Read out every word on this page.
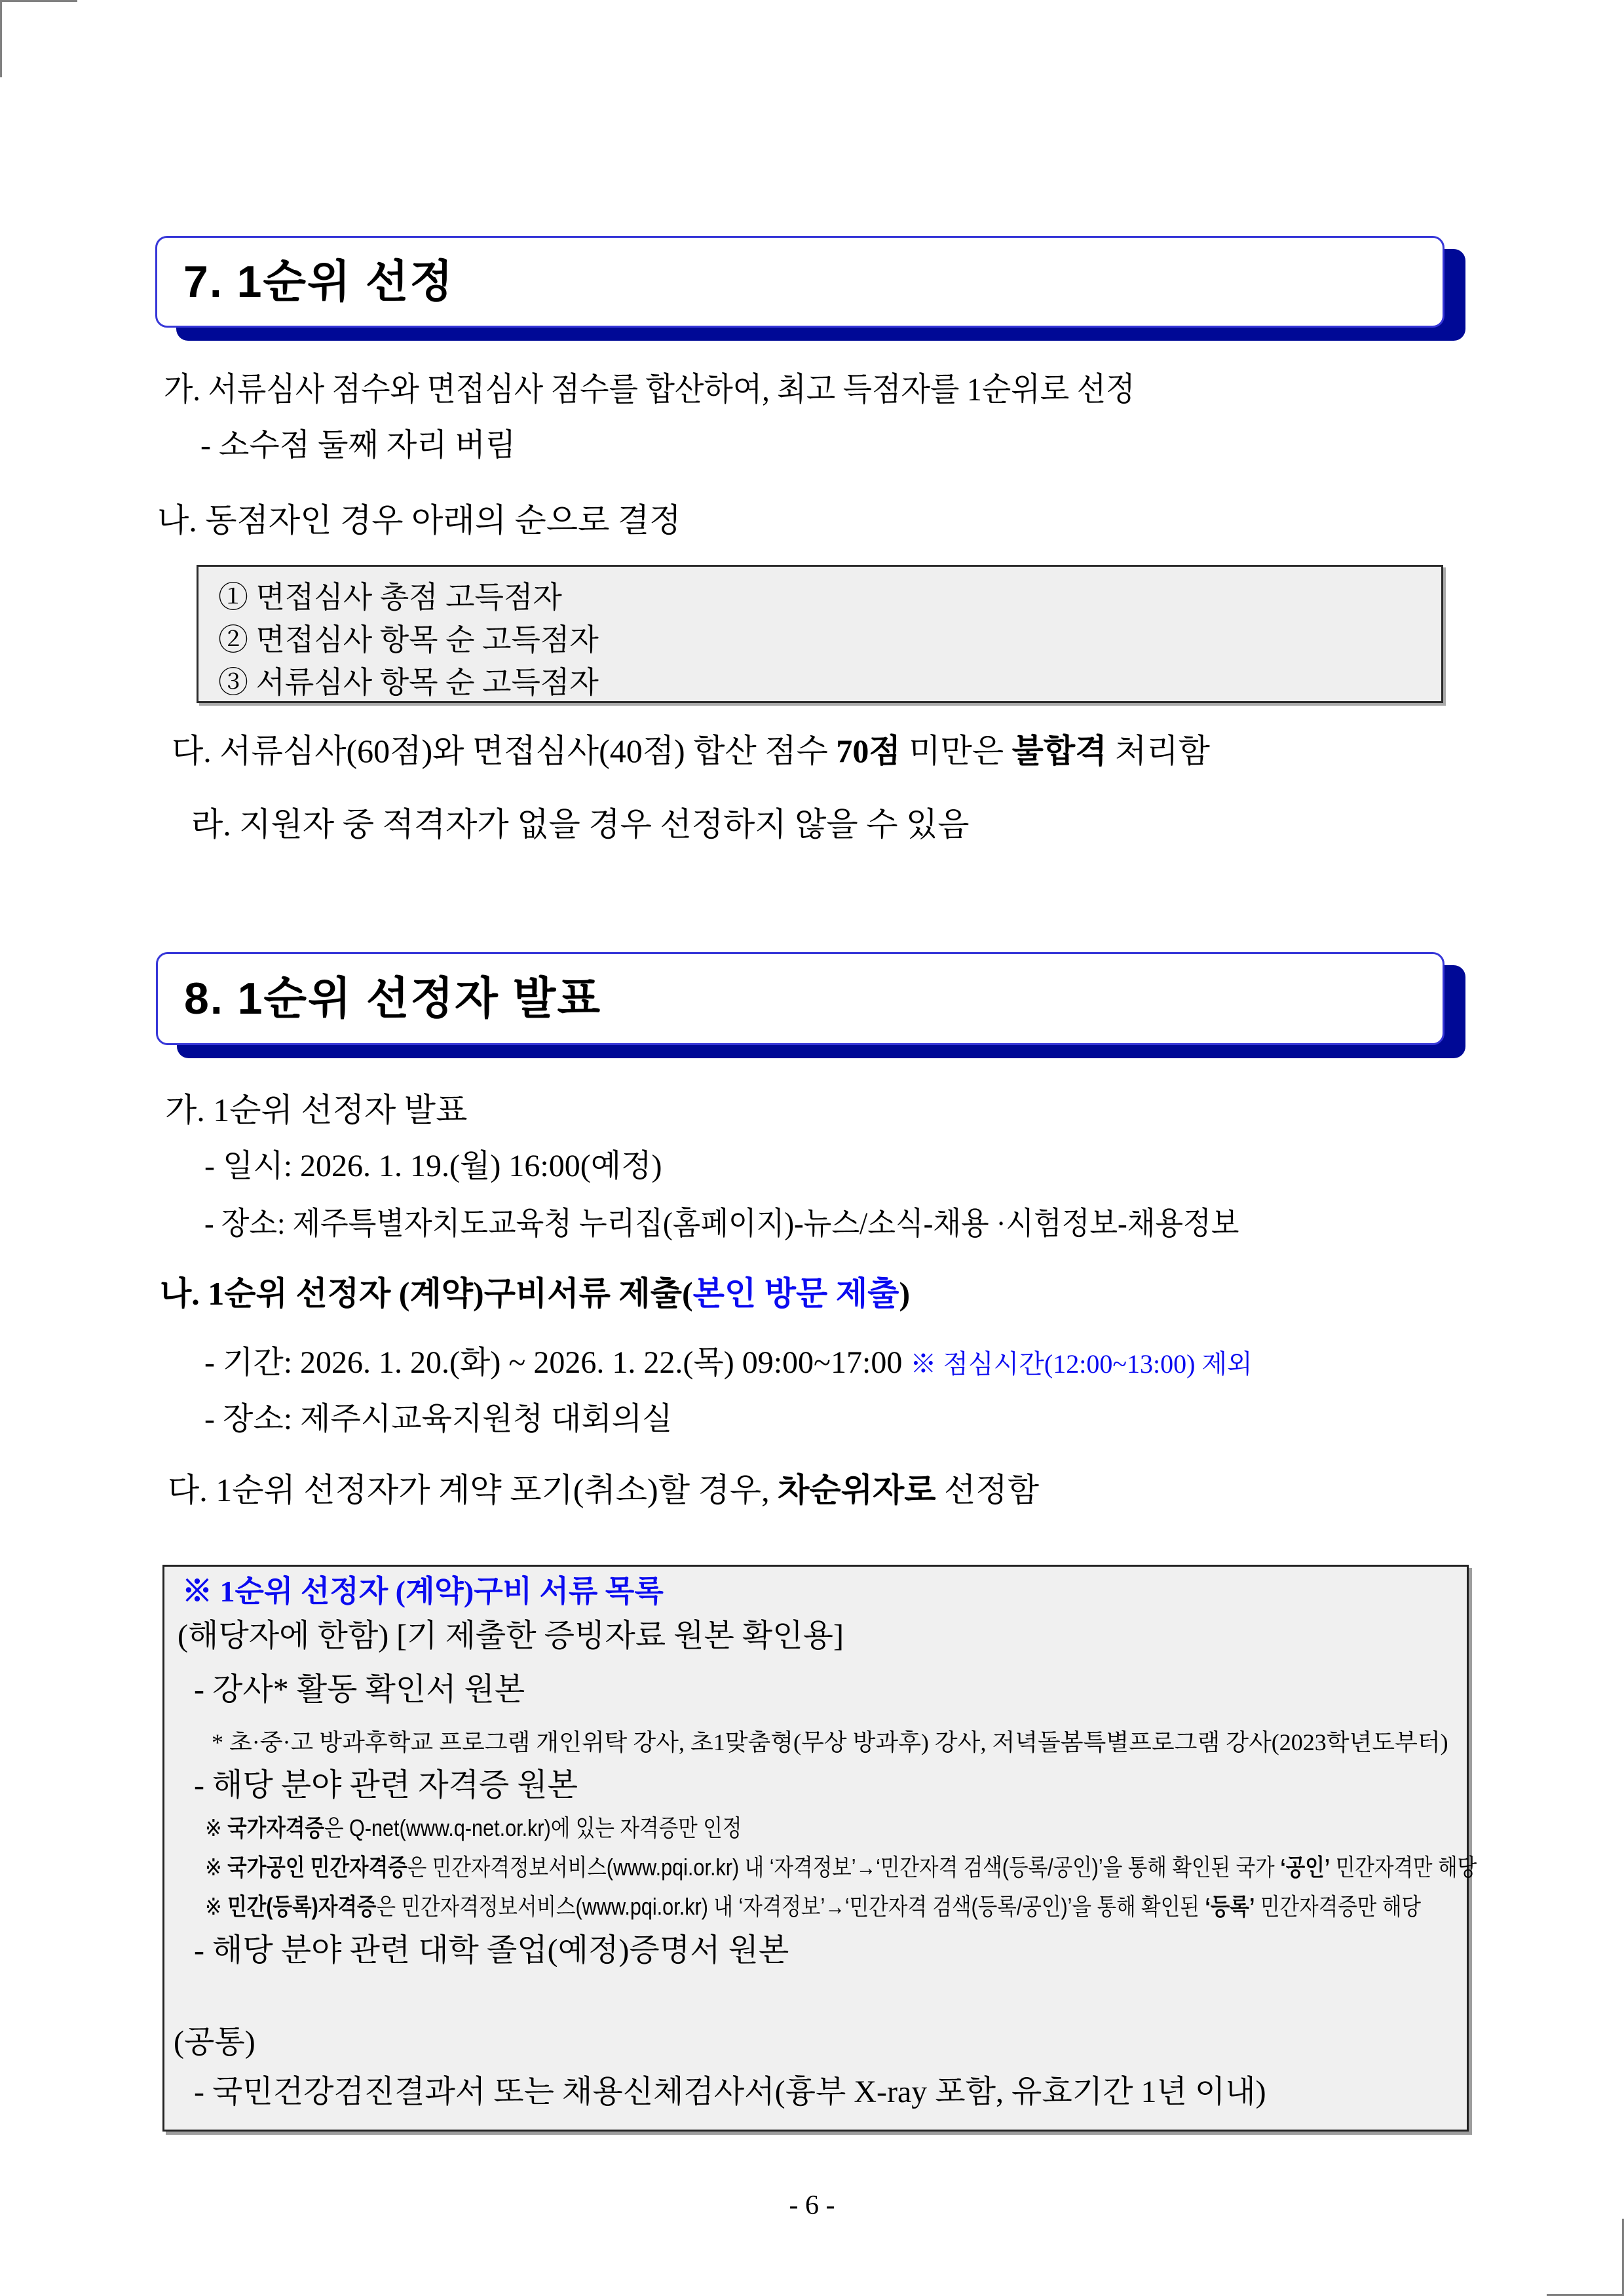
7. 1순위 선정
가. 서류심사 점수와 면접심사 점수를 합산하여, 최고 득점자를 1순위로 선정
- 소수점 둘째 자리 버림
나. 동점자인 경우 아래의 순으로 결정
① 면접심사 총점 고득점자
② 면접심사 항목 순 고득점자
③ 서류심사 항목 순 고득점자
다. 서류심사(60점)와 면접심사(40점) 합산 점수 70점 미만은 불합격 처리함
라. 지원자 중 적격자가 없을 경우 선정하지 않을 수 있음
8. 1순위 선정자 발표
가. 1순위 선정자 발표
- 일시: 2026. 1. 19.(월) 16:00(예정)
- 장소: 제주특별자치도교육청 누리집(홈페이지)-뉴스/소식-채용 ·시험정보-채용정보
나. 1순위 선정자 (계약)구비서류 제출(본인 방문 제출)
- 기간: 2026. 1. 20.(화) ~ 2026. 1. 22.(목) 09:00~17:00 ※ 점심시간(12:00~13:00) 제외
- 장소: 제주시교육지원청 대회의실
다. 1순위 선정자가 계약 포기(취소)할 경우, 차순위자로 선정함
※ 1순위 선정자 (계약)구비 서류 목록
(해당자에 한함) [기 제출한 증빙자료 원본 확인용]
- 강사* 활동 확인서 원본
* 초·중·고 방과후학교 프로그램 개인위탁 강사, 초1맞춤형(무상 방과후) 강사, 저녁돌봄특별프로그램 강사(2023학년도부터)
- 해당 분야 관련 자격증 원본
※ 국가자격증은 Q-net(www.q-net.or.kr)에 있는 자격증만 인정
※ 국가공인 민간자격증은 민간자격정보서비스(www.pqi.or.kr) 내 ‘자격정보’→‘민간자격 검색(등록/공인)’을 통해 확인된 국가 ‘공인’ 민간자격만 해당
※ 민간(등록)자격증은 민간자격정보서비스(www.pqi.or.kr) 내 ‘자격정보’→‘민간자격 검색(등록/공인)’을 통해 확인된 ‘등록’ 민간자격증만 해당
- 해당 분야 관련 대학 졸업(예정)증명서 원본
(공통)
- 국민건강검진결과서 또는 채용신체검사서(흉부 X-ray 포함, 유효기간 1년 이내)
- 6 -
